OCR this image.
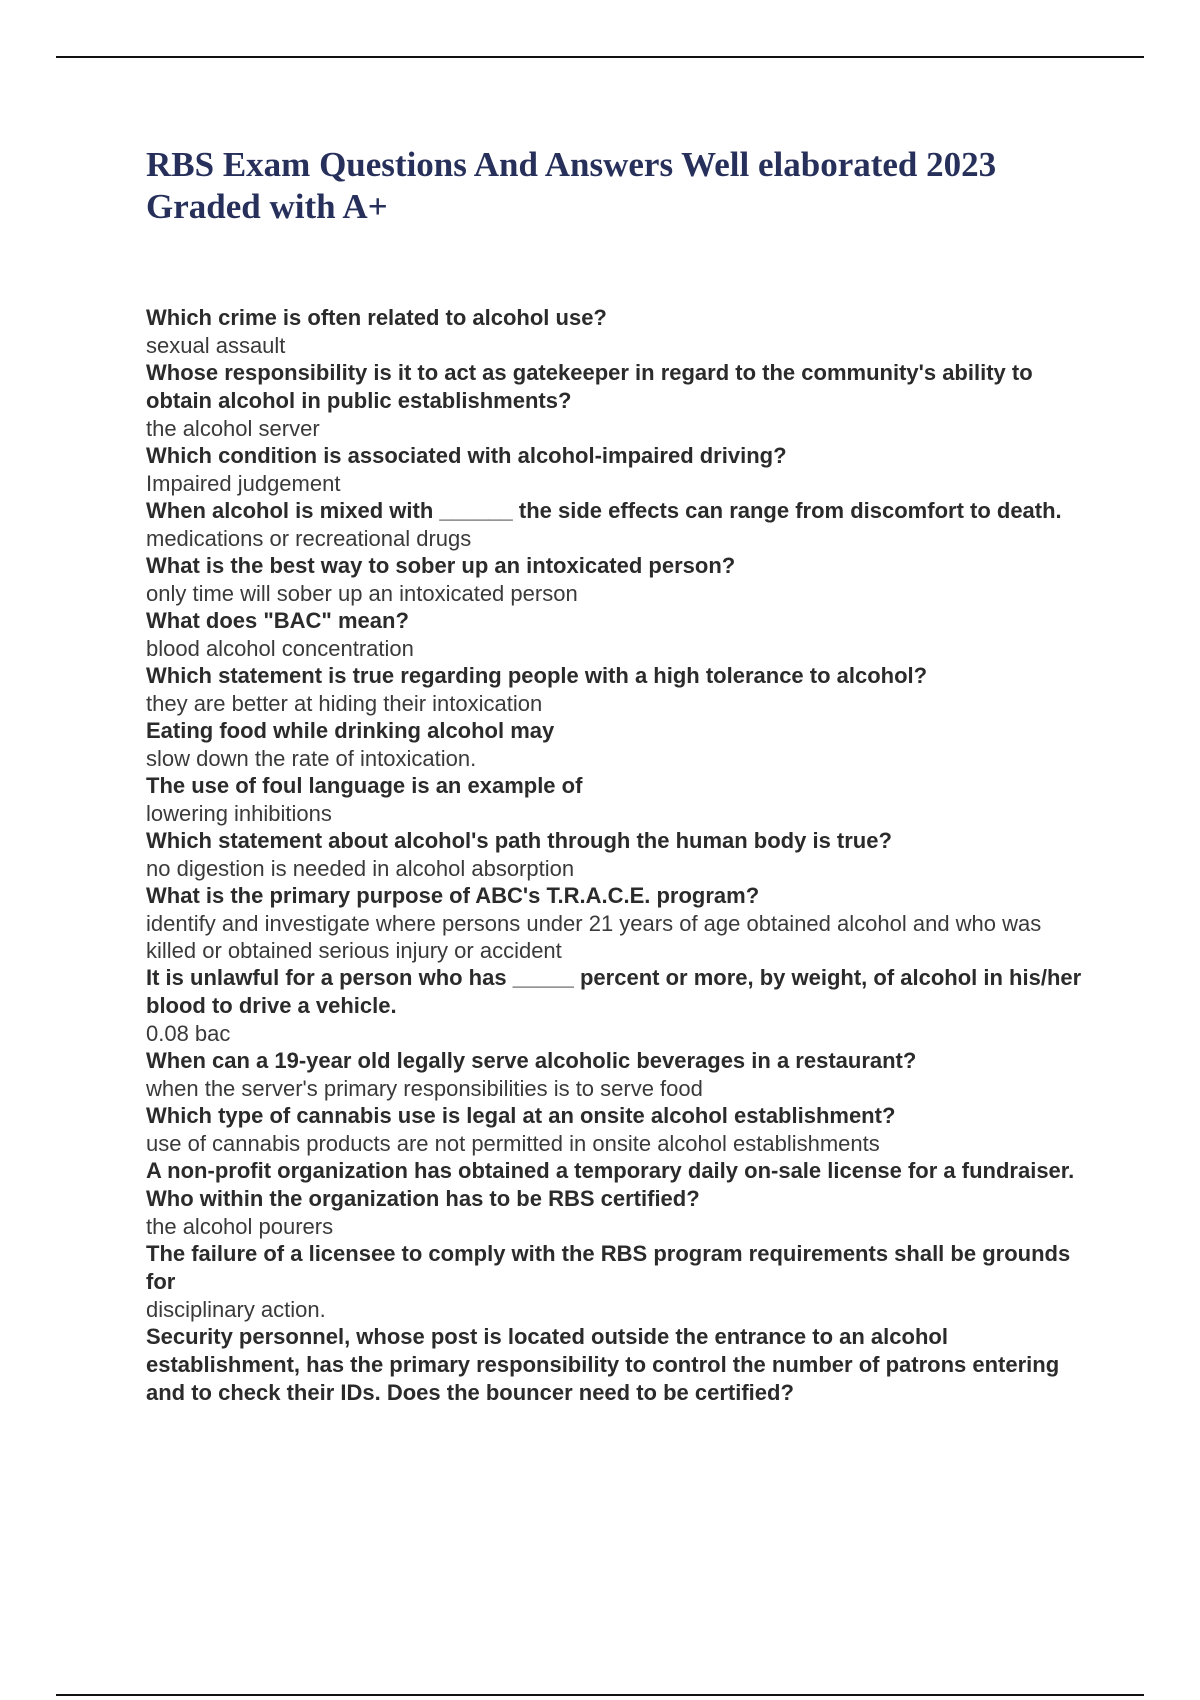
RBS Exam Questions And Answers Well elaborated 2023 Graded with A+
Which crime is often related to alcohol use?
sexual assault
Whose responsibility is it to act as gatekeeper in regard to the community's ability to obtain alcohol in public establishments?
the alcohol server
Which condition is associated with alcohol-impaired driving?
Impaired judgement
When alcohol is mixed with ______ the side effects can range from discomfort to death.
medications or recreational drugs
What is the best way to sober up an intoxicated person?
only time will sober up an intoxicated person
What does "BAC" mean?
blood alcohol concentration
Which statement is true regarding people with a high tolerance to alcohol?
they are better at hiding their intoxication
Eating food while drinking alcohol may
slow down the rate of intoxication.
The use of foul language is an example of
lowering inhibitions
Which statement about alcohol's path through the human body is true?
no digestion is needed in alcohol absorption
What is the primary purpose of ABC's T.R.A.C.E. program?
identify and investigate where persons under 21 years of age obtained alcohol and who was killed or obtained serious injury or accident
It is unlawful for a person who has _____ percent or more, by weight, of alcohol in his/her blood to drive a vehicle.
0.08 bac
When can a 19-year old legally serve alcoholic beverages in a restaurant?
when the server's primary responsibilities is to serve food
Which type of cannabis use is legal at an onsite alcohol establishment?
use of cannabis products are not permitted in onsite alcohol establishments
A non-profit organization has obtained a temporary daily on-sale license for a fundraiser. Who within the organization has to be RBS certified?
the alcohol pourers
The failure of a licensee to comply with the RBS program requirements shall be grounds for
disciplinary action.
Security personnel, whose post is located outside the entrance to an alcohol establishment, has the primary responsibility to control the number of patrons entering and to check their IDs. Does the bouncer need to be certified?
